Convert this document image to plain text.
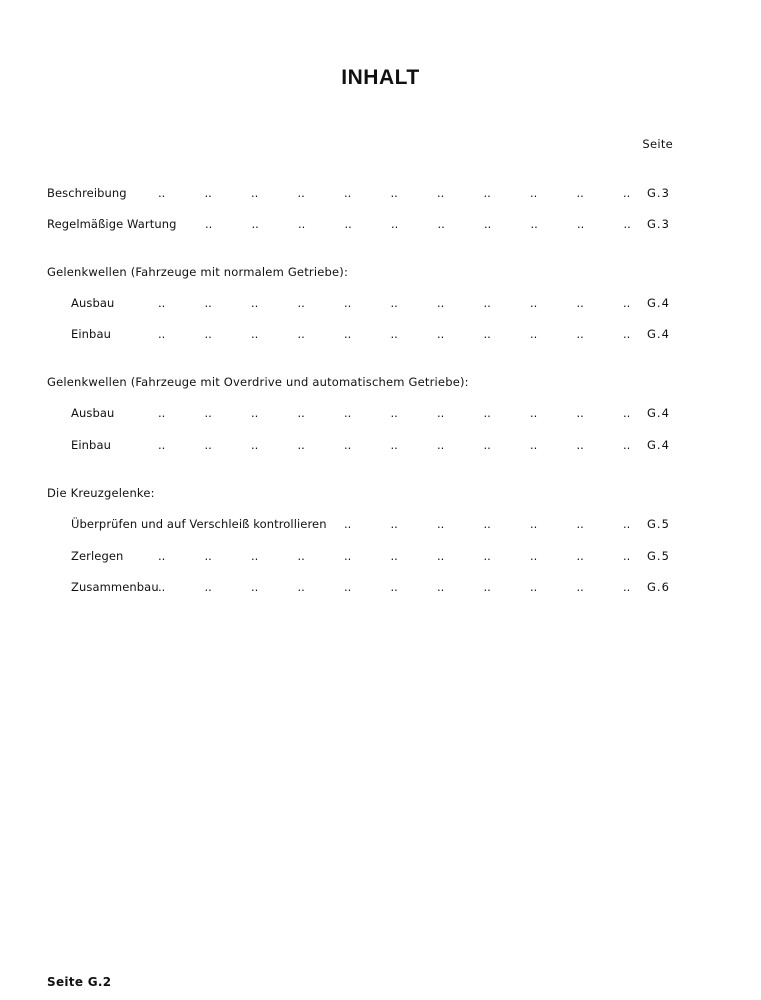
INHALT
Seite
Beschreibung	..	..	..	..	..	..	..	..	..	..	..	G.3
Regelmäßige Wartung ..	..	..	..	..	..	..	..	..	..	G.3
Gelenkwellen (Fahrzeuge mit normalem Getriebe):
Ausbau	..	..	..	..	..	..	..	..	..	..	..	G.4
Einbau	..	..	..	..	..	..	..	..	..	..	..	G.4
Gelenkwellen (Fahrzeuge mit Overdrive und automatischem Getriebe):
Ausbau	..	..	..	..	..	..	..	..	..	..	..	G.4
Einbau	..	..	..	..	..	..	..	..	..	..	..	G.4
Die Kreuzgelenke:
Überprüfen und auf Verschleiß kontrollieren ..	..	..	..	..	..	..	G.5
Zerlegen	..	..	..	..	..	..	..	..	..	..	..	G.5
Zusammenbau ..	..	..	..	..	..	..	..	..	..	..	G.6
Seite G.2
